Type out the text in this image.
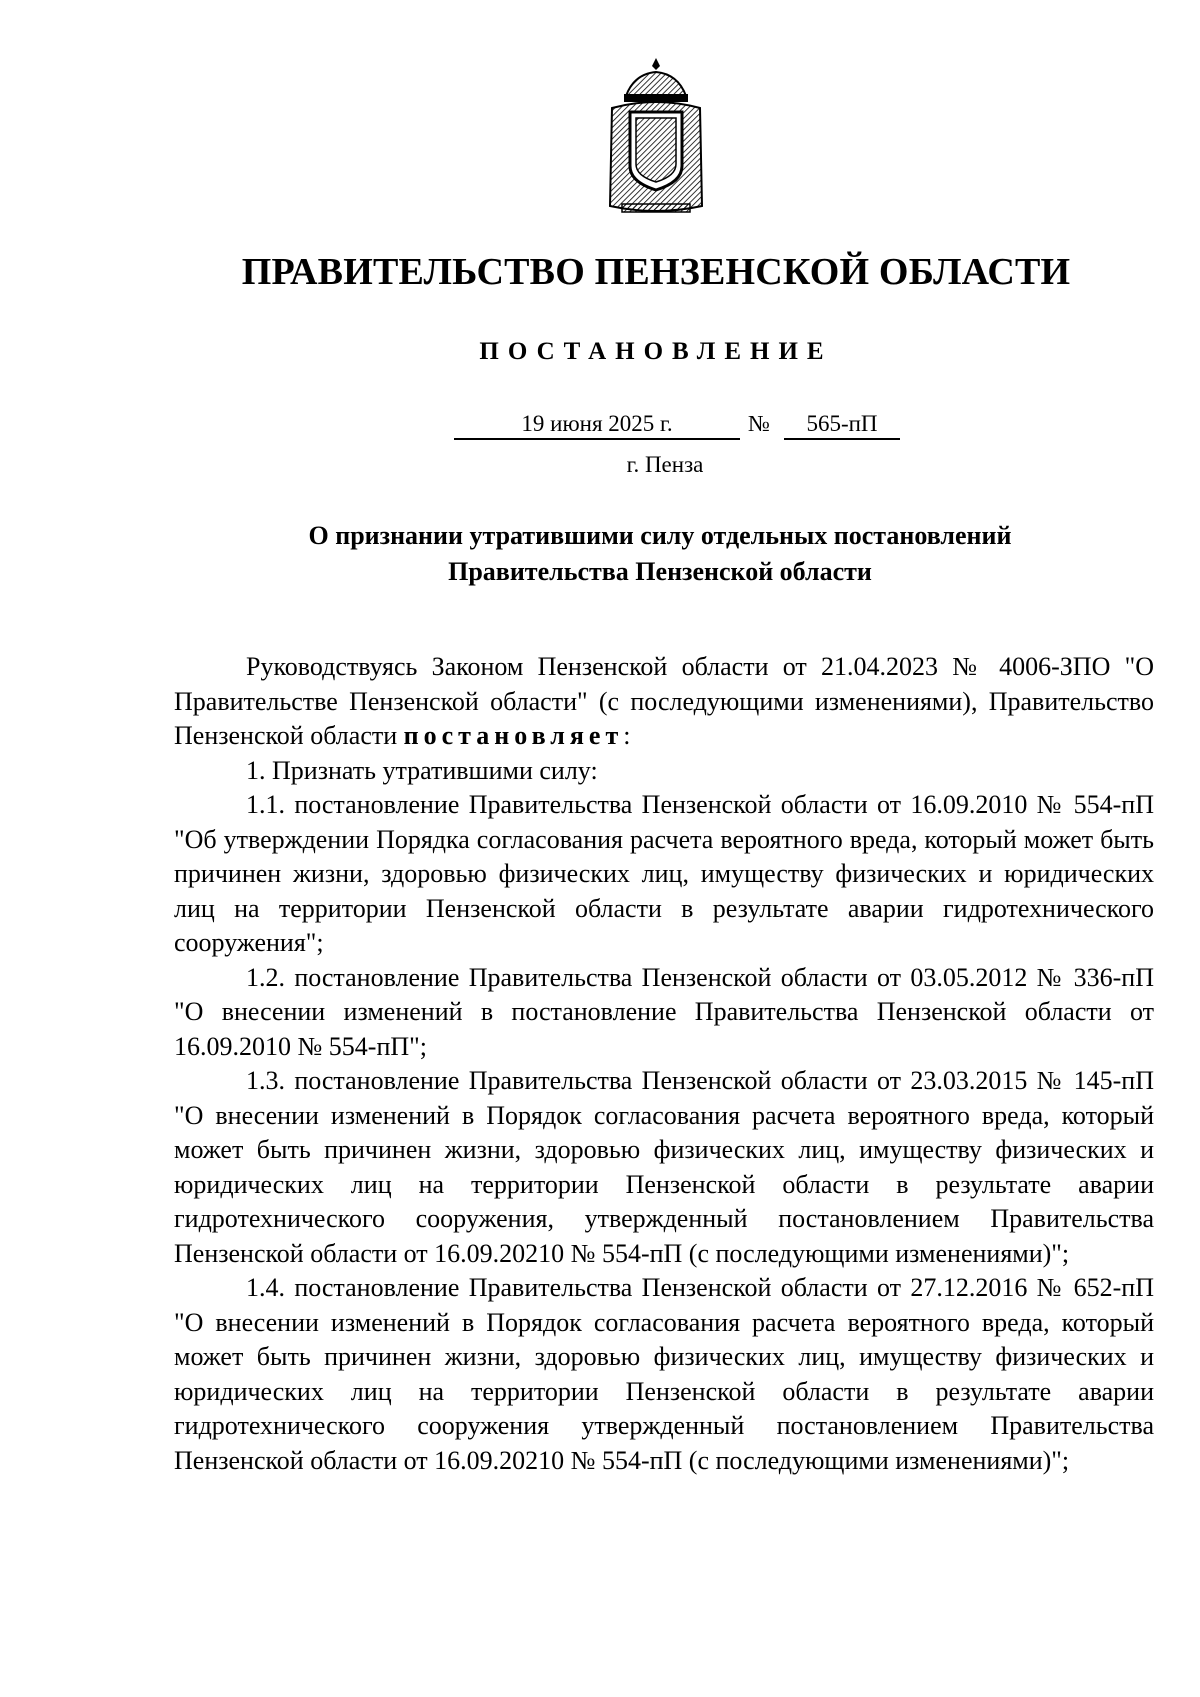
ПРАВИТЕЛЬСТВО ПЕНЗЕНСКОЙ ОБЛАСТИ
ПОСТАНОВЛЕНИЕ
19 июня 2025 г.	№	565-пП
г. Пенза
О признании утратившими силу отдельных постановлений
Правительства Пензенской области

Руководствуясь Законом Пензенской области от 21.04.2023 № 4006-ЗПО "О Правительстве Пензенской области" (с последующими изменениями), Правительство Пензенской области постановляет:

1. Признать утратившими силу:

1.1. постановление Правительства Пензенской области от 16.09.2010 № 554-пП "Об утверждении Порядка согласования расчета вероятного вреда, который может быть причинен жизни, здоровью физических лиц, имуществу физических и юридических лиц на территории Пензенской области в результате аварии гидротехнического сооружения";

1.2. постановление Правительства Пензенской области от 03.05.2012 № 336-пП "О внесении изменений в постановление Правительства Пензенской области от 16.09.2010 № 554-пП";

1.3. постановление Правительства Пензенской области от 23.03.2015 № 145-пП "О внесении изменений в Порядок согласования расчета вероятного вреда, который может быть причинен жизни, здоровью физических лиц, имуществу физических и юридических лиц на территории Пензенской области в результате аварии гидротехнического сооружения, утвержденный постановлением Правительства Пензенской области от 16.09.20210 № 554-пП (с последующими изменениями)";

1.4. постановление Правительства Пензенской области от 27.12.2016 № 652-пП "О внесении изменений в Порядок согласования расчета вероятного вреда, который может быть причинен жизни, здоровью физических лиц, имуществу физических и юридических лиц на территории Пензенской области в результате аварии гидротехнического сооружения утвержденный постановлением Правительства Пензенской области от 16.09.20210 № 554-пП (с последующими изменениями)";
